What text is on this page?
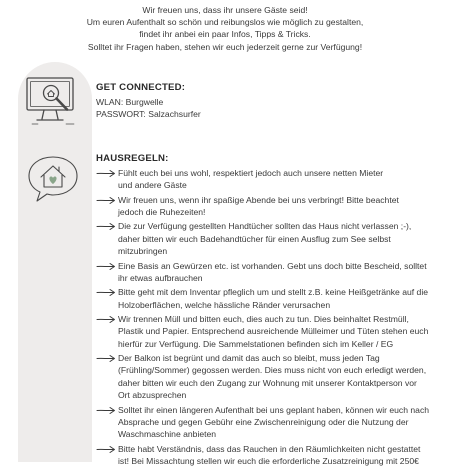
Wir freuen uns, dass ihr unsere Gäste seid!
Um euren Aufenthalt so schön und reibungslos wie möglich zu gestalten,
findet ihr anbei ein paar Infos, Tipps & Tricks.
Solltet ihr Fragen haben, stehen wir euch jederzeit gerne zur Verfügung!
GET CONNECTED:
WLAN: Burgwelle
PASSWORT: Salzachsurfer
HAUSREGELN:
Fühlt euch bei uns wohl, respektiert jedoch auch unsere netten Mieter
und andere Gäste
Wir freuen uns, wenn ihr spaßige Abende bei uns verbringt! Bitte beachtet
jedoch die Ruhezeiten!
Die zur Verfügung gestellten Handtücher sollten das Haus nicht verlassen ;-),
daher bitten wir euch Badehandtücher für einen Ausflug zum See selbst
mitzubringen
Eine Basis an Gewürzen etc. ist vorhanden. Gebt uns doch bitte Bescheid, solltet
ihr etwas aufbrauchen
Bitte geht mit dem Inventar pfleglich um und stellt z.B. keine Heißgetränke auf die
Holzoberflächen, welche hässliche Ränder verursachen
Wir trennen Müll und bitten euch, dies auch zu tun. Dies beinhaltet Restmüll,
Plastik und Papier. Entsprechend ausreichende Mülleimer und Tüten stehen euch
hierfür zur Verfügung. Die Sammelstationen befinden sich im Keller / EG
Der Balkon ist begrünt und damit das auch so bleibt, muss jeden Tag
(Frühling/Sommer) gegossen werden. Dies muss nicht von euch erledigt werden,
daher bitten wir euch den Zugang zur Wohnung mit unserer Kontaktperson vor
Ort abzusprechen
Solltet ihr einen längeren Aufenthalt bei uns geplant haben, können wir euch nach
Absprache und gegen Gebühr eine Zwischenreinigung oder die Nutzung der
Waschmaschine anbieten
Bitte habt Verständnis, dass das Rauchen in den Räumlichkeiten nicht gestattet
ist! Bei Missachtung stellen wir euch die erforderliche Zusatzreinigung mit 250€
